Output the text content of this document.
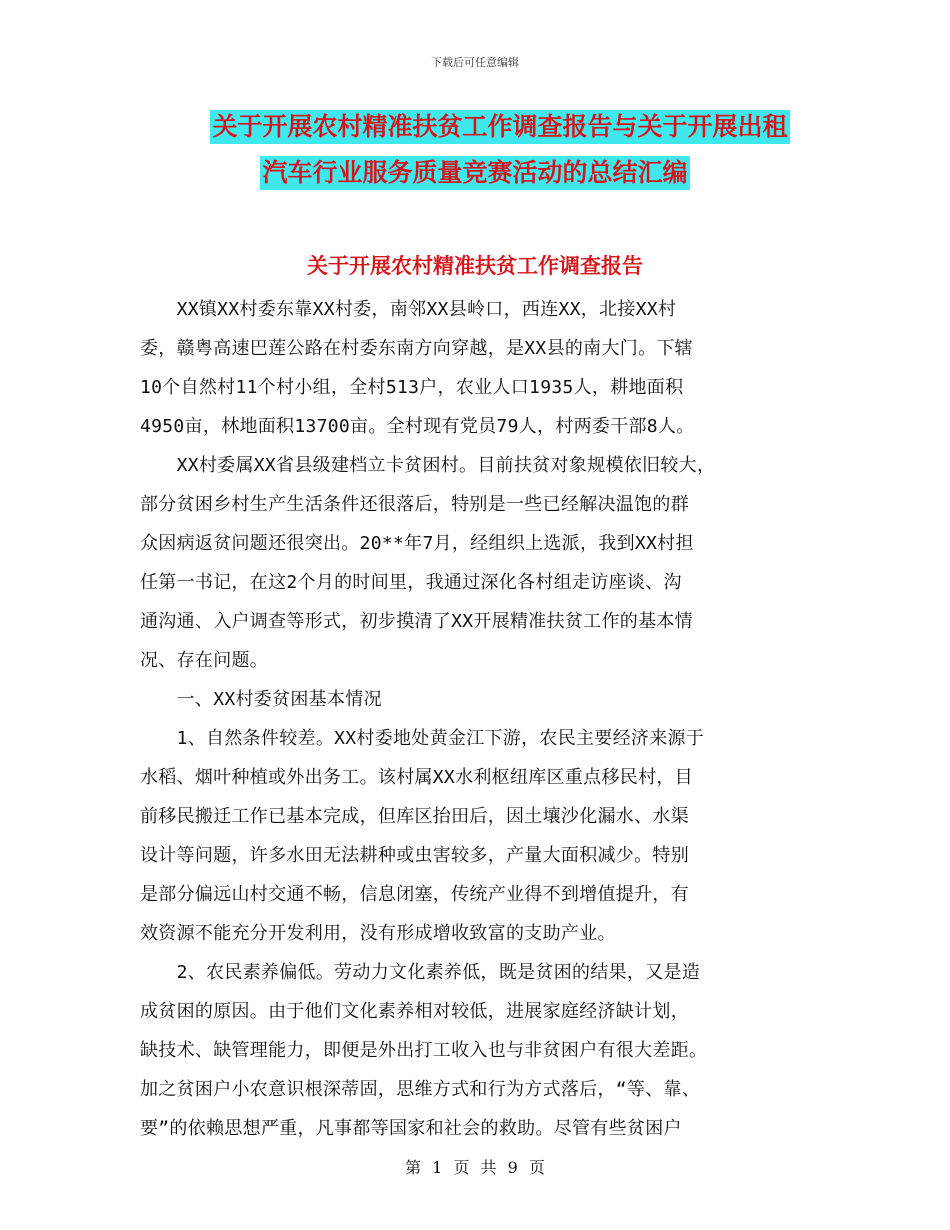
下载后可任意编辑
关于开展农村精准扶贫工作调查报告与关于开展出租
汽车行业服务质量竞赛活动的总结汇编
关于开展农村精准扶贫工作调查报告

　　XX镇XX村委东靠XX村委，南邻XX县岭口，西连XX，北接XX村

委，赣粤高速巴莲公路在村委东南方向穿越，是XX县的南大门。下辖

10个自然村11个村小组，全村513户，农业人口1935人，耕地面积

4950亩，林地面积13700亩。全村现有党员79人，村两委干部8人。

　　XX村委属XX省县级建档立卡贫困村。目前扶贫对象规模依旧较大，

部分贫困乡村生产生活条件还很落后，特别是一些已经解决温饱的群

众因病返贫问题还很突出。20**年7月，经组织上选派，我到XX村担

任第一书记，在这2个月的时间里，我通过深化各村组走访座谈、沟

通沟通、入户调查等形式，初步摸清了XX开展精准扶贫工作的基本情

况、存在问题。

　　一、XX村委贫困基本情况

　　1、自然条件较差。XX村委地处黄金江下游，农民主要经济来源于

水稻、烟叶种植或外出务工。该村属XX水利枢纽库区重点移民村，目

前移民搬迁工作已基本完成，但库区抬田后，因土壤沙化漏水、水渠

设计等问题，许多水田无法耕种或虫害较多，产量大面积减少。特别

是部分偏远山村交通不畅，信息闭塞，传统产业得不到增值提升，有

效资源不能充分开发利用，没有形成增收致富的支助产业。

　　2、农民素养偏低。劳动力文化素养低，既是贫困的结果，又是造

成贫困的原因。由于他们文化素养相对较低，进展家庭经济缺计划，

缺技术、缺管理能力，即便是外出打工收入也与非贫困户有很大差距。

加之贫困户小农意识根深蒂固，思维方式和行为方式落后，“等、靠、

要”的依赖思想严重，凡事都等国家和社会的救助。尽管有些贫困户

第 1 页 共 9 页
